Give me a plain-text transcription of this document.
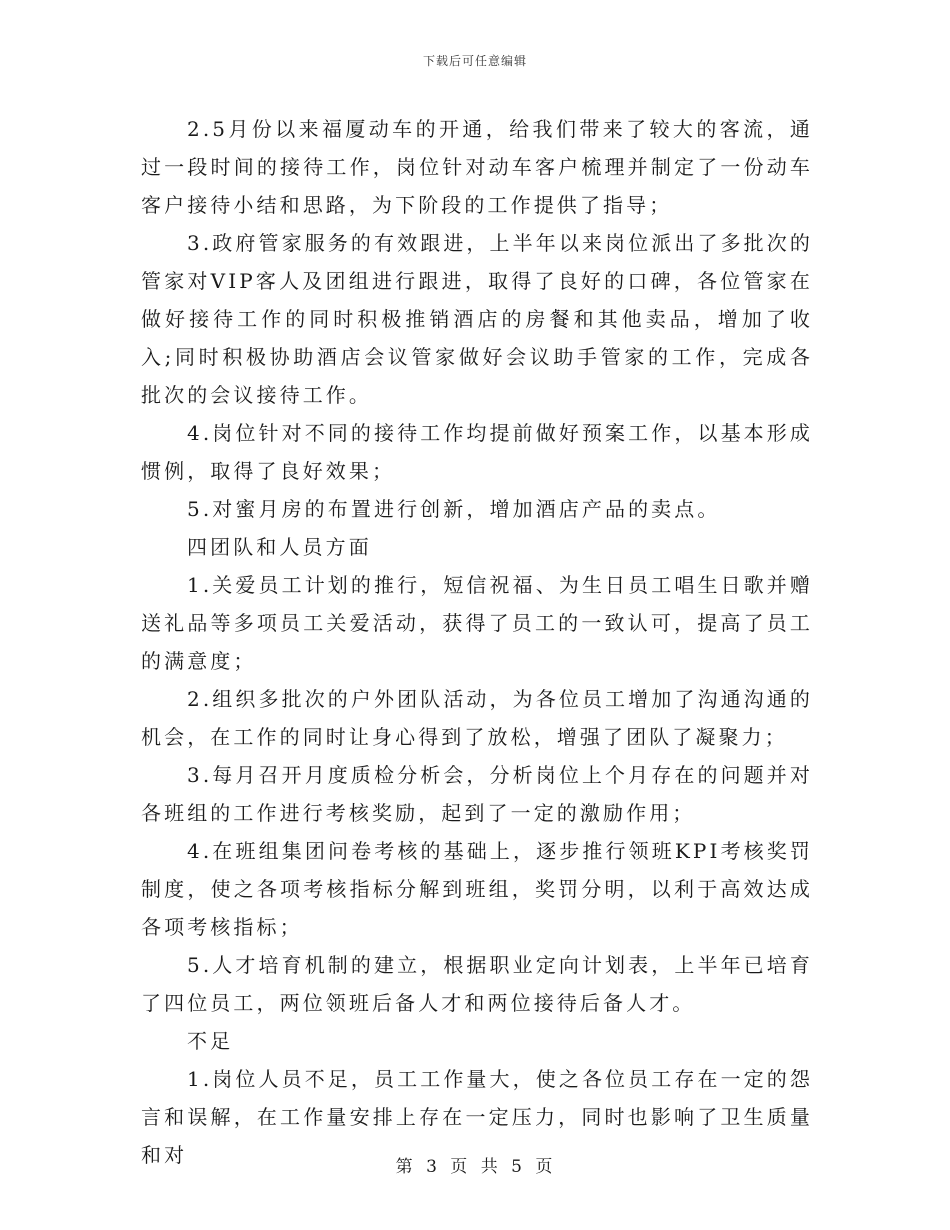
下载后可任意编辑

2.5月份以来福厦动车的开通，给我们带来了较大的客流，通过一段时间的接待工作，岗位针对动车客户梳理并制定了一份动车客户接待小结和思路，为下阶段的工作提供了指导；

3.政府管家服务的有效跟进，上半年以来岗位派出了多批次的管家对VIP客人及团组进行跟进，取得了良好的口碑，各位管家在做好接待工作的同时积极推销酒店的房餐和其他卖品，增加了收入;同时积极协助酒店会议管家做好会议助手管家的工作，完成各批次的会议接待工作。

4.岗位针对不同的接待工作均提前做好预案工作，以基本形成惯例，取得了良好效果；

5.对蜜月房的布置进行创新，增加酒店产品的卖点。

四团队和人员方面

1.关爱员工计划的推行，短信祝福、为生日员工唱生日歌并赠送礼品等多项员工关爱活动，获得了员工的一致认可，提高了员工的满意度；

2.组织多批次的户外团队活动，为各位员工增加了沟通沟通的机会，在工作的同时让身心得到了放松，增强了团队了凝聚力；

3.每月召开月度质检分析会，分析岗位上个月存在的问题并对各班组的工作进行考核奖励，起到了一定的激励作用；

4.在班组集团问卷考核的基础上，逐步推行领班KPI考核奖罚制度，使之各项考核指标分解到班组，奖罚分明，以利于高效达成各项考核指标；

5.人才培育机制的建立，根据职业定向计划表，上半年已培育了四位员工，两位领班后备人才和两位接待后备人才。

不足

1.岗位人员不足，员工工作量大，使之各位员工存在一定的怨言和误解，在工作量安排上存在一定压力，同时也影响了卫生质量和对	第 3 页 共 5 页
